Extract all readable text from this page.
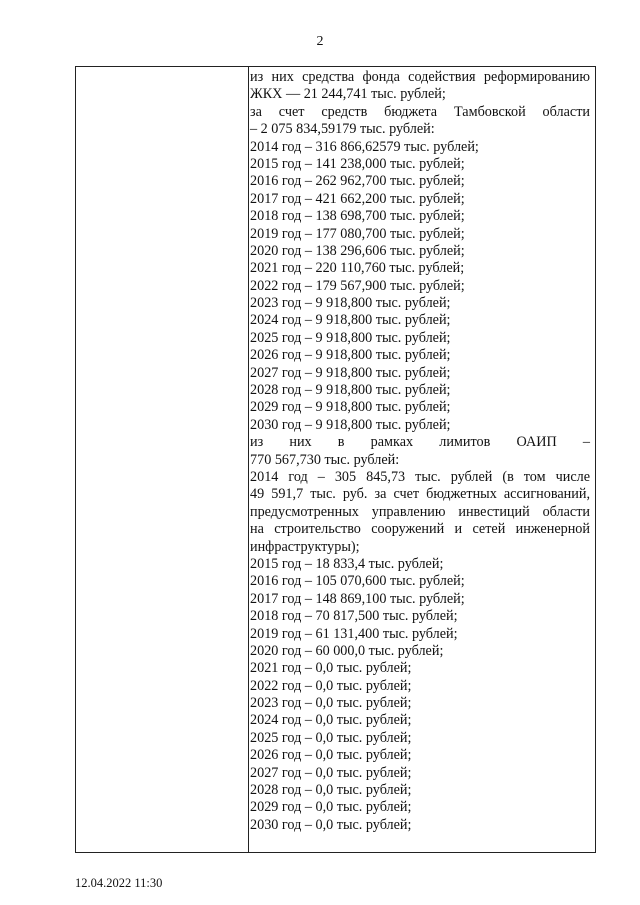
2
из них средства фонда содействия реформированию
ЖКХ — 21 244,741 тыс. рублей;
за счет средств бюджета Тамбовской области
– 2 075 834,59179 тыс. рублей:
2014 год – 316 866,62579 тыс. рублей;
2015 год – 141 238,000 тыс. рублей;
2016 год – 262 962,700 тыс. рублей;
2017 год – 421 662,200 тыс. рублей;
2018 год – 138 698,700 тыс. рублей;
2019 год – 177 080,700 тыс. рублей;
2020 год – 138 296,606 тыс. рублей;
2021 год – 220 110,760 тыс. рублей;
2022 год – 179 567,900 тыс. рублей;
2023 год – 9 918,800 тыс. рублей;
2024 год – 9 918,800 тыс. рублей;
2025 год – 9 918,800 тыс. рублей;
2026 год – 9 918,800 тыс. рублей;
2027 год – 9 918,800 тыс. рублей;
2028 год – 9 918,800 тыс. рублей;
2029 год – 9 918,800 тыс. рублей;
2030 год – 9 918,800 тыс. рублей;
из них в рамках лимитов ОАИП –
770 567,730 тыс. рублей:
2014 год – 305 845,73 тыс. рублей (в том числе
49 591,7 тыс. руб. за счет бюджетных ассигнований,
предусмотренных управлению инвестиций области
на строительство сооружений и сетей инженерной
инфраструктуры);
2015 год – 18 833,4 тыс. рублей;
2016 год – 105 070,600 тыс. рублей;
2017 год – 148 869,100 тыс. рублей;
2018 год – 70 817,500 тыс. рублей;
2019 год – 61 131,400 тыс. рублей;
2020 год – 60 000,0 тыс. рублей;
2021 год – 0,0 тыс. рублей;
2022 год – 0,0 тыс. рублей;
2023 год – 0,0 тыс. рублей;
2024 год – 0,0 тыс. рублей;
2025 год – 0,0 тыс. рублей;
2026 год – 0,0 тыс. рублей;
2027 год – 0,0 тыс. рублей;
2028 год – 0,0 тыс. рублей;
2029 год – 0,0 тыс. рублей;
2030 год – 0,0 тыс. рублей;
12.04.2022 11:30
